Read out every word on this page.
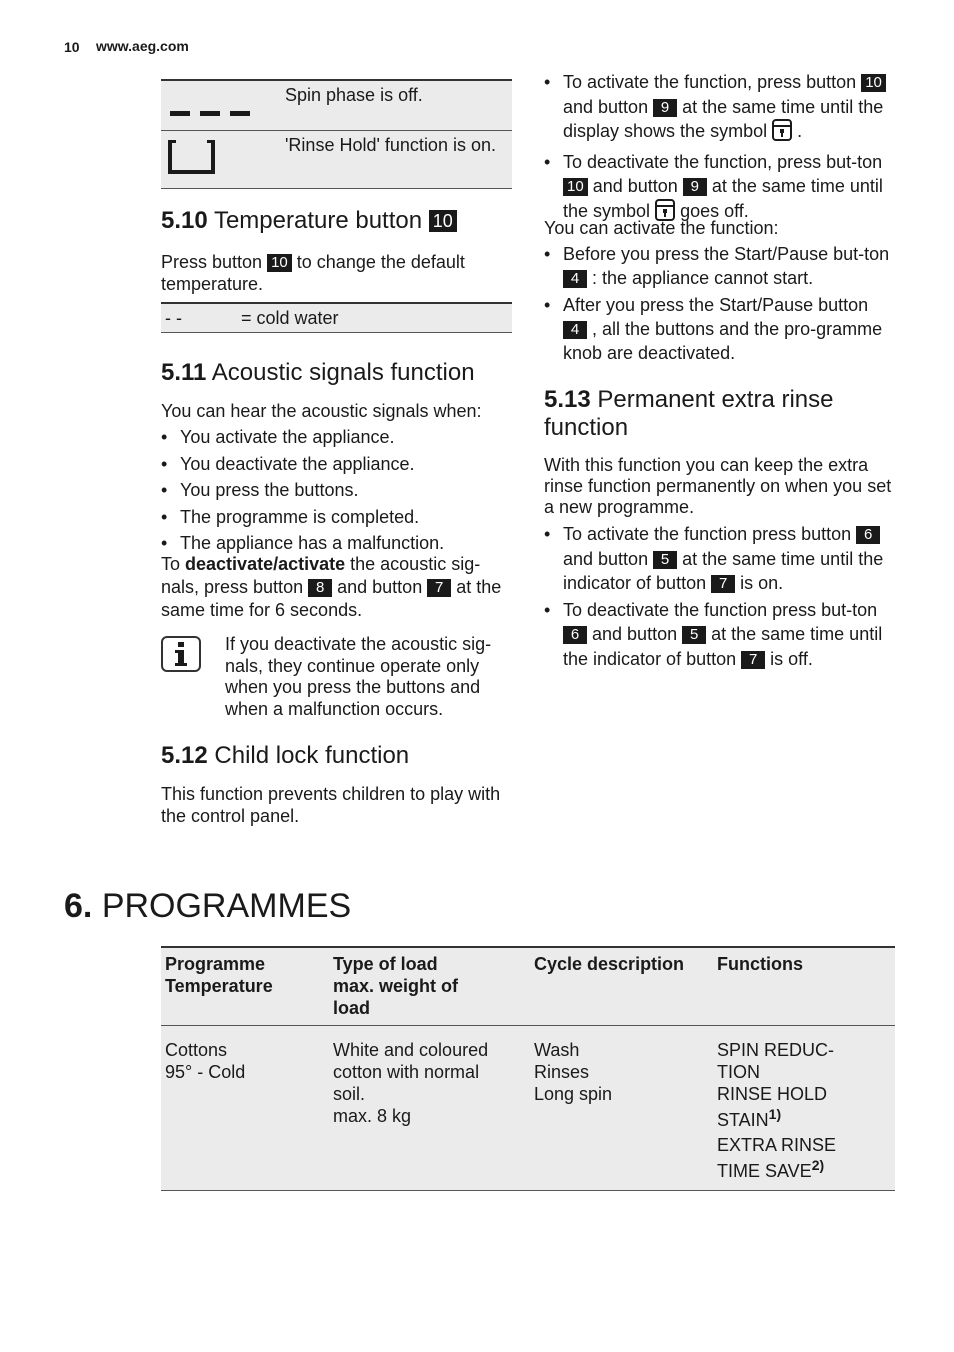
10 www.aeg.com
Spin phase is off.
'Rinse Hold' function is on.
5.10 Temperature button 10

Press button 10 to change the default temperature.

- -	= cold water
5.11 Acoustic signals function

You can hear the acoustic signals when:

• You activate the appliance.
• You deactivate the appliance.
• You press the buttons.
• The programme is completed.
• The appliance has a malfunction.

To deactivate/activate the acoustic sig-nals, press button 8 and button 7 at the same time for 6 seconds.

If you deactivate the acoustic sig-nals, they continue operate only when you press the buttons and when a malfunction occurs.
5.12 Child lock function

This function prevents children to play with the control panel.

• To activate the function, press button 10 and button 9 at the same time until the display shows the symbol .
• To deactivate the function, press but-ton 10 and button 9 at the same time until the symbol goes off.

You can activate the function:

• Before you press the Start/Pause but-ton 4 : the appliance cannot start.
• After you press the Start/Pause button 4 , all the buttons and the pro-gramme knob are deactivated.
5.13 Permanent extra rinse function

With this function you can keep the extra rinse function permanently on when you set a new programme.

• To activate the function press button 6 and button 5 at the same time until the indicator of button 7 is on.
• To deactivate the function press but-ton 6 and button 5 at the same time until the indicator of button 7 is off.
6. PROGRAMMES
Programme
Temperature
Type of load
max. weight of
load
Cycle description	Functions
Cottons
95° - Cold
White and coloured
cotton with normal
soil.
max. 8 kg
Wash
Rinses
Long spin
SPIN REDUC-
TION
RINSE HOLD
STAIN$^{1)}$
EXTRA RINSE
TIME SAVE$^{2)}$
